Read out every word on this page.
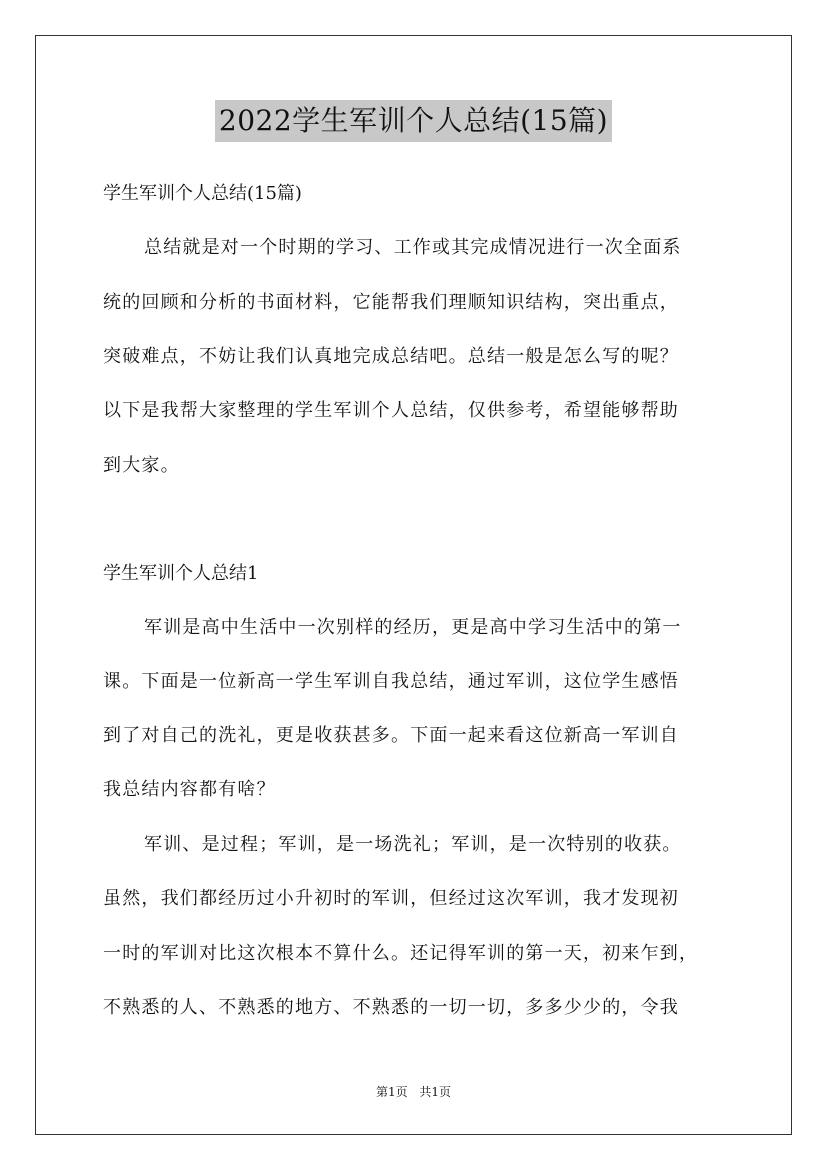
2022学生军训个人总结(15篇)
学生军训个人总结(15篇)
总结就是对一个时期的学习、工作或其完成情况进行一次全面系
统的回顾和分析的书面材料，它能帮我们理顺知识结构，突出重点，
突破难点，不妨让我们认真地完成总结吧。总结一般是怎么写的呢？
以下是我帮大家整理的学生军训个人总结，仅供参考，希望能够帮助
到大家。
学生军训个人总结1
军训是高中生活中一次别样的经历，更是高中学习生活中的第一
课。下面是一位新高一学生军训自我总结，通过军训，这位学生感悟
到了对自己的洗礼，更是收获甚多。下面一起来看这位新高一军训自
我总结内容都有啥？
军训、是过程；军训，是一场洗礼；军训，是一次特别的收获。
虽然，我们都经历过小升初时的军训，但经过这次军训，我才发现初
一时的军训对比这次根本不算什么。还记得军训的第一天，初来乍到，
不熟悉的人、不熟悉的地方、不熟悉的一切一切，多多少少的，令我
第1页 共1页
